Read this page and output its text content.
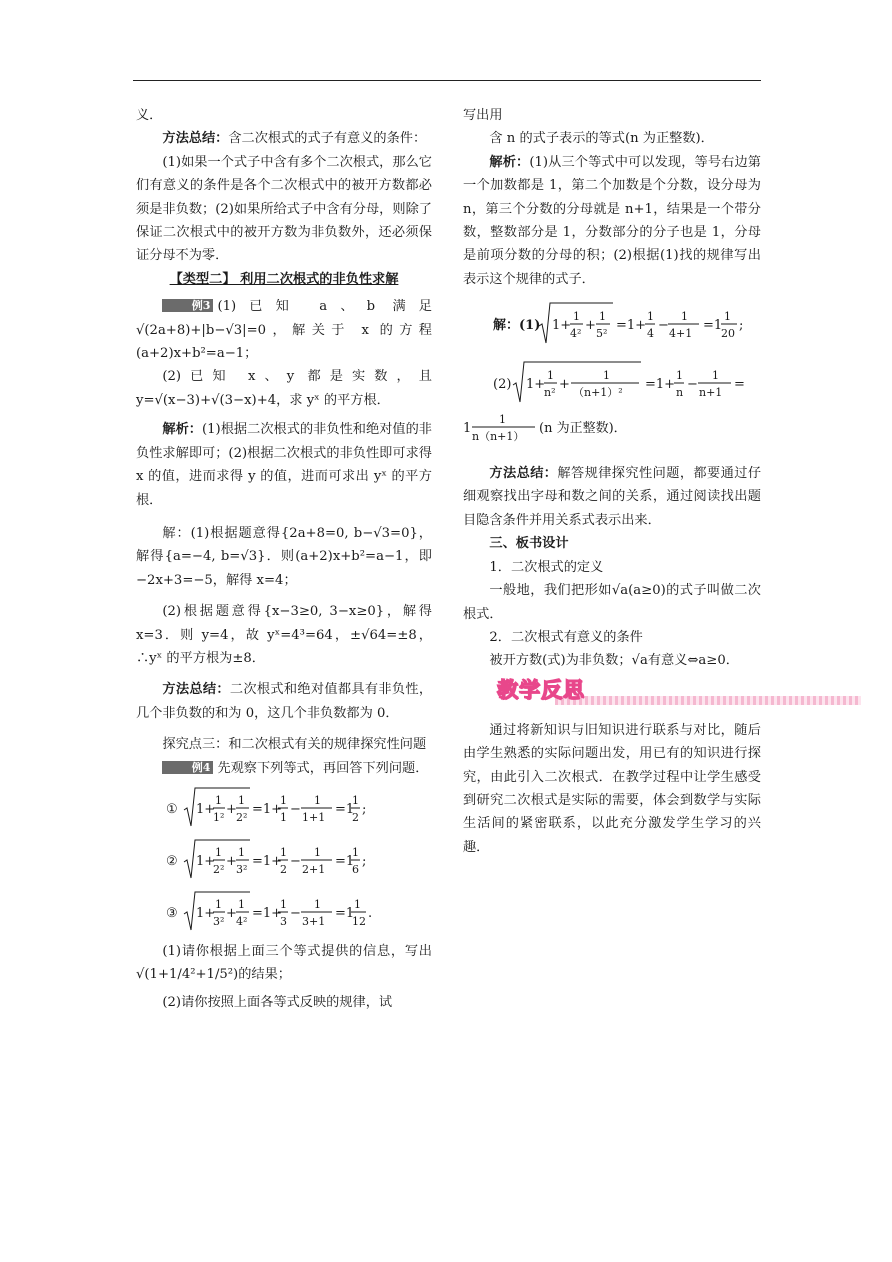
义．

方法总结：含二次根式的式子有意义的条件：

(1)如果一个式子中含有多个二次根式，那么它们有意义的条件是各个二次根式中的被开方数都必须是非负数；(2)如果所给式子中含有分母，则除了保证二次根式中的被开方数为非负数外，还必须保证分母不为零．

【类型二】 利用二次根式的非负性求解

例3 (1)已知 a、b 满足√(2a+8)+|b−√3|=0，解关于 x 的方程(a+2)x+b²=a−1；

(2)已知 x、y 都是实数，且 y=√(x−3)+√(3−x)+4，求 yˣ 的平方根．

解析：(1)根据二次根式的非负性和绝对值的非负性求解即可；(2)根据二次根式的非负性即可求得 x 的值，进而求得 y 的值，进而可求出 yˣ 的平方根．

解：(1)根据题意得{2a+8=0, b−√3=0}，解得{a=−4, b=√3}．则(a+2)x+b²=a−1，即−2x+3=−5，解得 x=4；

(2)根据题意得{x−3≥0, 3−x≥0}，解得 x=3．则 y=4，故 yˣ=4³=64，±√64=±8，∴yˣ 的平方根为±8．

方法总结：二次根式和绝对值都具有非负性，几个非负数的和为 0，这几个非负数都为 0．

探究点三：和二次根式有关的规律探究性问题

例4 先观察下列等式，再回答下列问题．

① 1+
1
1²
+
1
2²
=1+
1
1
−
1
1+1
=1
1
2
;
② 1+
1
2²
+
1
3²
=1+
1
2
−
1
2+1
=1
1
6
;
③ 1+
1
3²
+
1
4²
=1+
1
3
−
1
3+1
=1
1
12
.

(1)请你根据上面三个等式提供的信息，写出√(1+1/4²+1/5²)的结果；

(2)请你按照上面各等式反映的规律，试

写出用

含 n 的式子表示的等式(n 为正整数)．

解析：(1)从三个等式中可以发现，等号右边第一个加数都是 1，第二个加数是个分数，设分母为 n，第三个分数的分母就是 n+1，结果是一个带分数，整数部分是 1，分数部分的分子也是 1，分母是前项分数的分母的积；(2)根据(1)找的规律写出表示这个规律的式子．

解：(1) 1+
1
4²
+
1
5²
=1+
1
4
−
1
4+1
=1
1
20
;
(2) 1+
1
n²
+
1
（n+1）²
=1+
1
n
−
1
n+1
=
1
1
n（n+1）
(n 为正整数)．

方法总结：解答规律探究性问题，都要通过仔细观察找出字母和数之间的关系，通过阅读找出题目隐含条件并用关系式表示出来．

三、板书设计

1．二次根式的定义

一般地，我们把形如√a(a≥0)的式子叫做二次根式．

2．二次根式有意义的条件

被开方数(式)为非负数；√a有意义⇔a≥0．

教学反思

通过将新知识与旧知识进行联系与对比，随后由学生熟悉的实际问题出发，用已有的知识进行探究，由此引入二次根式．在教学过程中让学生感受到研究二次根式是实际的需要，体会到数学与实际生活间的紧密联系，以此充分激发学生学习的兴趣．
